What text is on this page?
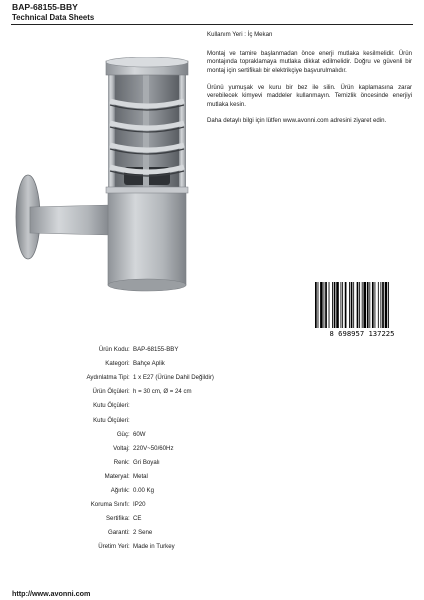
BAP-68155-BBY
Technical Data Sheets

Kullanım Yeri : İç Mekan

Montaj ve tamire başlanmadan önce enerji mutlaka kesilmelidir. Ürün montajında topraklamaya mutlaka dikkat edilmelidir. Doğru ve güvenli bir montaj için sertifikalı bir elektrikçiye başvurulmalıdır.

Ürünü yumuşak ve kuru bir bez ile silin. Ürün kaplamasına zarar verebilecek kimyevi maddeler kullanmayın. Temizlik öncesinde enerjiyi mutlaka kesin.

Daha detaylı bilgi için lütfen www.avonni.com adresini ziyaret edin.

8 698957 137225
Ürün Kodu : BAP-68155-BBY
Kategori : Bahçe Aplik
Aydınlatma Tipi : 1 x E27 (Ürüne Dahil Değildir)
Ürün Ölçüleri : h = 30 cm, Ø = 24 cm
Kutu Ölçüleri :
Kutu Ölçüleri :
Güç : 60W
Voltaj : 220V~50/60Hz
Renk : Gri Boyalı
Materyal : Metal
Ağırlık : 0.00 Kg
Koruma Sınıfı : IP20
Sertifika : CE
Garanti : 2 Sene
Üretim Yeri : Made in Turkey
http://www.avonni.com
